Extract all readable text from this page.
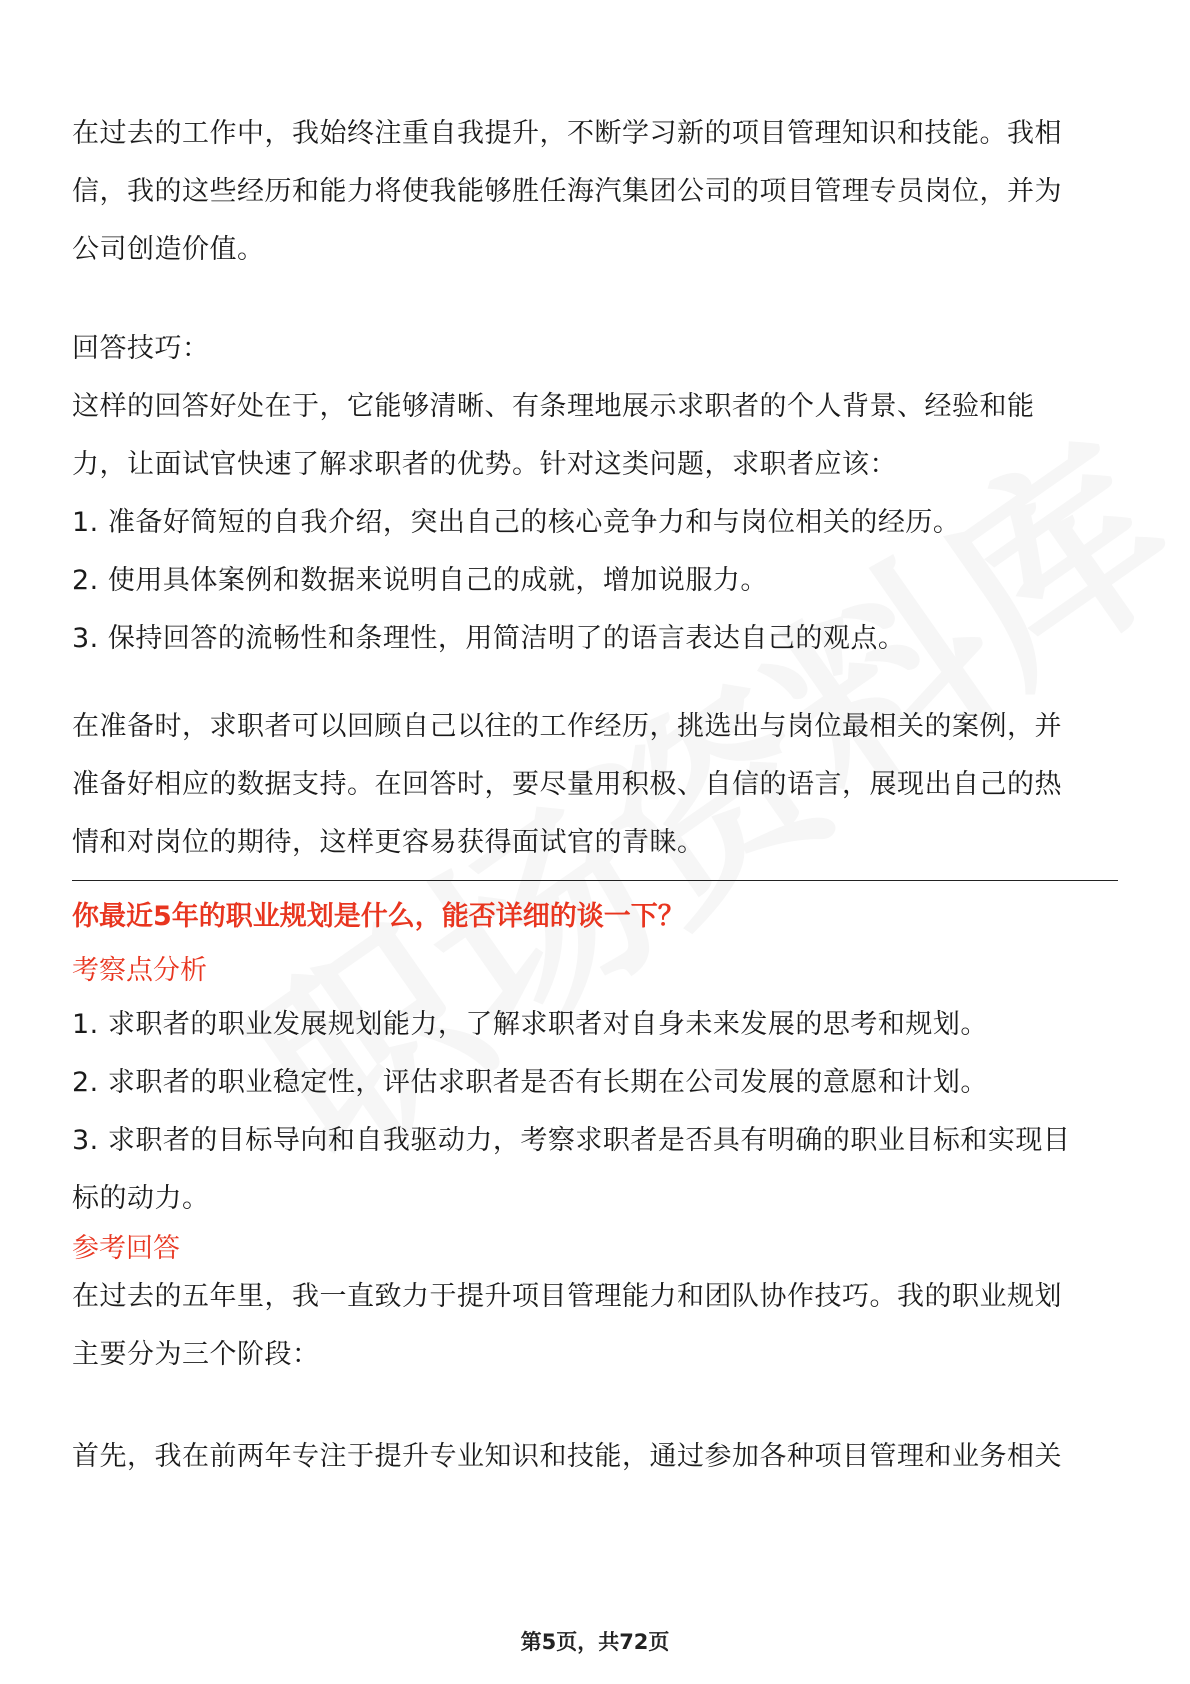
在过去的工作中，我始终注重自我提升，不断学习新的项目管理知识和技能。我相
信，我的这些经历和能力将使我能够胜任海汽集团公司的项目管理专员岗位，并为
公司创造价值。
回答技巧：
这样的回答好处在于，它能够清晰、有条理地展示求职者的个人背景、经验和能
力，让面试官快速了解求职者的优势。针对这类问题，求职者应该：
1. 准备好简短的自我介绍，突出自己的核心竞争力和与岗位相关的经历。
2. 使用具体案例和数据来说明自己的成就，增加说服力。
3. 保持回答的流畅性和条理性，用简洁明了的语言表达自己的观点。
在准备时，求职者可以回顾自己以往的工作经历，挑选出与岗位最相关的案例，并
准备好相应的数据支持。在回答时，要尽量用积极、自信的语言，展现出自己的热
情和对岗位的期待，这样更容易获得面试官的青睐。
你最近5年的职业规划是什么，能否详细的谈一下？
考察点分析
1. 求职者的职业发展规划能力，了解求职者对自身未来发展的思考和规划。
2. 求职者的职业稳定性，评估求职者是否有长期在公司发展的意愿和计划。
3. 求职者的目标导向和自我驱动力，考察求职者是否具有明确的职业目标和实现目
标的动力。
参考回答
在过去的五年里，我一直致力于提升项目管理能力和团队协作技巧。我的职业规划
主要分为三个阶段：
首先，我在前两年专注于提升专业知识和技能，通过参加各种项目管理和业务相关
第5页，共72页
